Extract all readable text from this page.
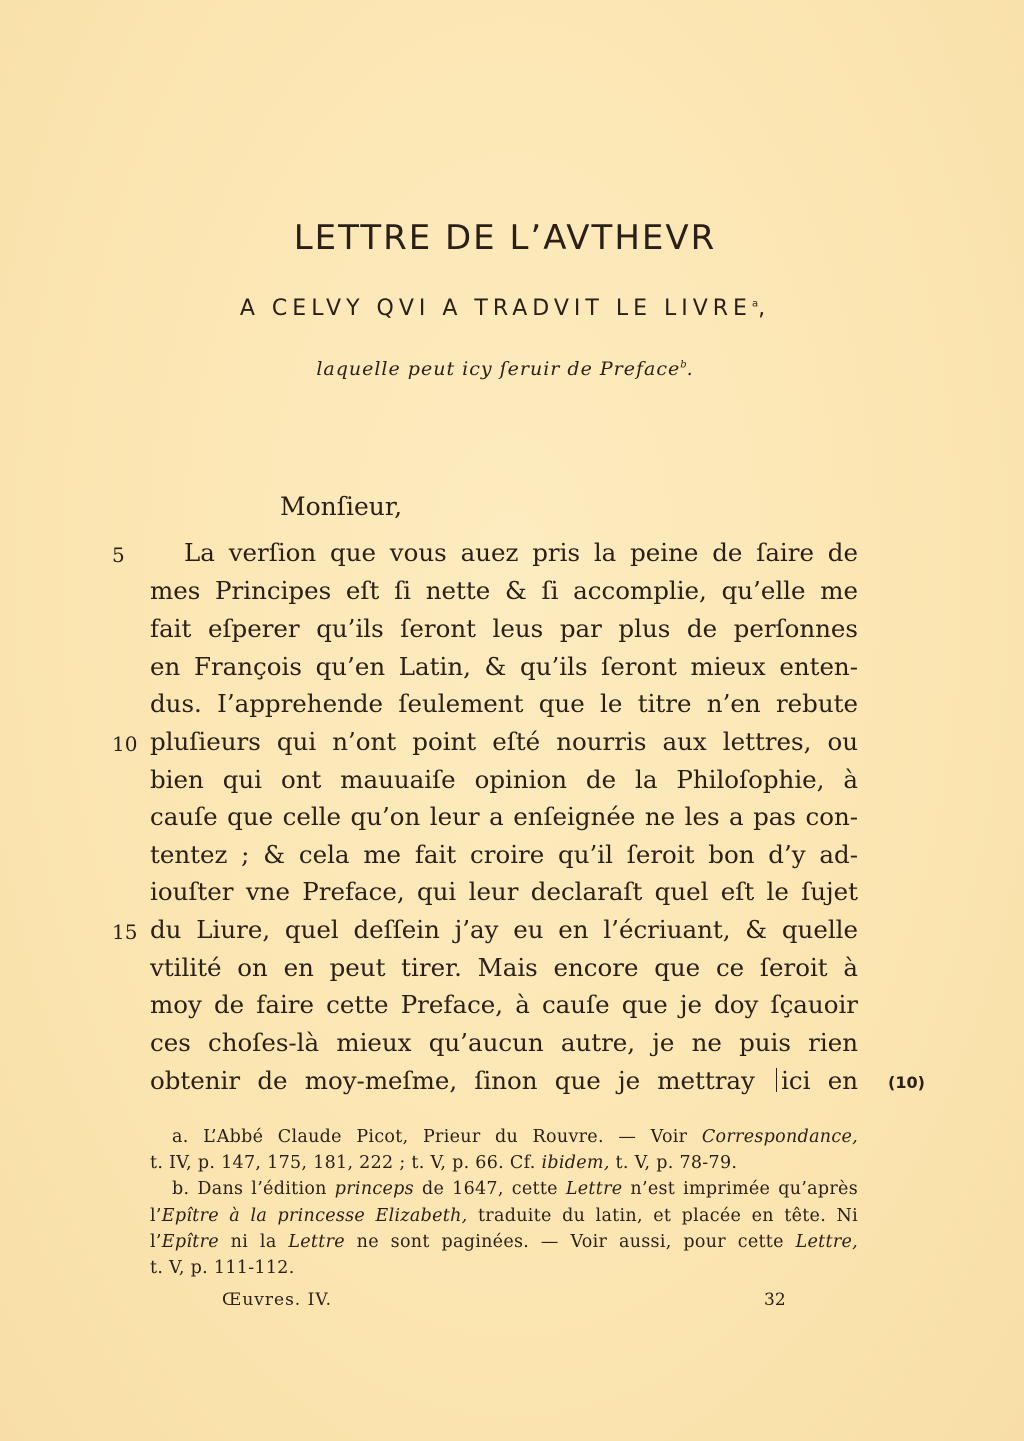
LETTRE DE L’AVTHEVR

A CELVY QVI A TRADVIT LE LIVRE$^a$,

laquelle peut icy ſeruir de Preface$^b$.

Monſieur,

La verſion que vous auez pris la peine de ſaire de
mes Principes eſt ſi nette & ſi accomplie, qu’elle me
fait eſperer qu’ils ſeront leus par plus de perſonnes
en François qu’en Latin, & qu’ils ſeront mieux enten-
dus. I’apprehende ſeulement que le titre n’en rebute
pluſieurs qui n’ont point eſté nourris aux lettres, ou
bien qui ont mauuaiſe opinion de la Philoſophie, à
cauſe que celle qu’on leur a enſeignée ne les a pas con-
tentez ; & cela me fait croire qu’il ſeroit bon d’y ad-
iouſter vne Preface, qui leur declaraſt quel eſt le ſujet
du Liure, quel deſſein j’ay eu en l’écriuant, & quelle
vtilité on en peut tirer. Mais encore que ce ſeroit à
moy de faire cette Preface, à cauſe que je doy ſçauoir
ces choſes-là mieux qu’aucun autre, je ne puis rien
obtenir de moy-meſme, ſinon que je mettray ici en
5
10
15
(10)
a. L’Abbé Claude Picot, Prieur du Rouvre. — Voir Correspondance,
t. IV, p. 147, 175, 181, 222 ; t. V, p. 66. Cf. ibidem, t. V, p. 78-79.
b. Dans l’édition princeps de 1647, cette Lettre n’est imprimée qu’après
l’Epître à la princesse Elizabeth, traduite du latin, et placée en tête. Ni
l’Epître ni la Lettre ne sont paginées. — Voir aussi, pour cette Lettre,
t. V, p. 111-112.
Œuvres. IV.	32
